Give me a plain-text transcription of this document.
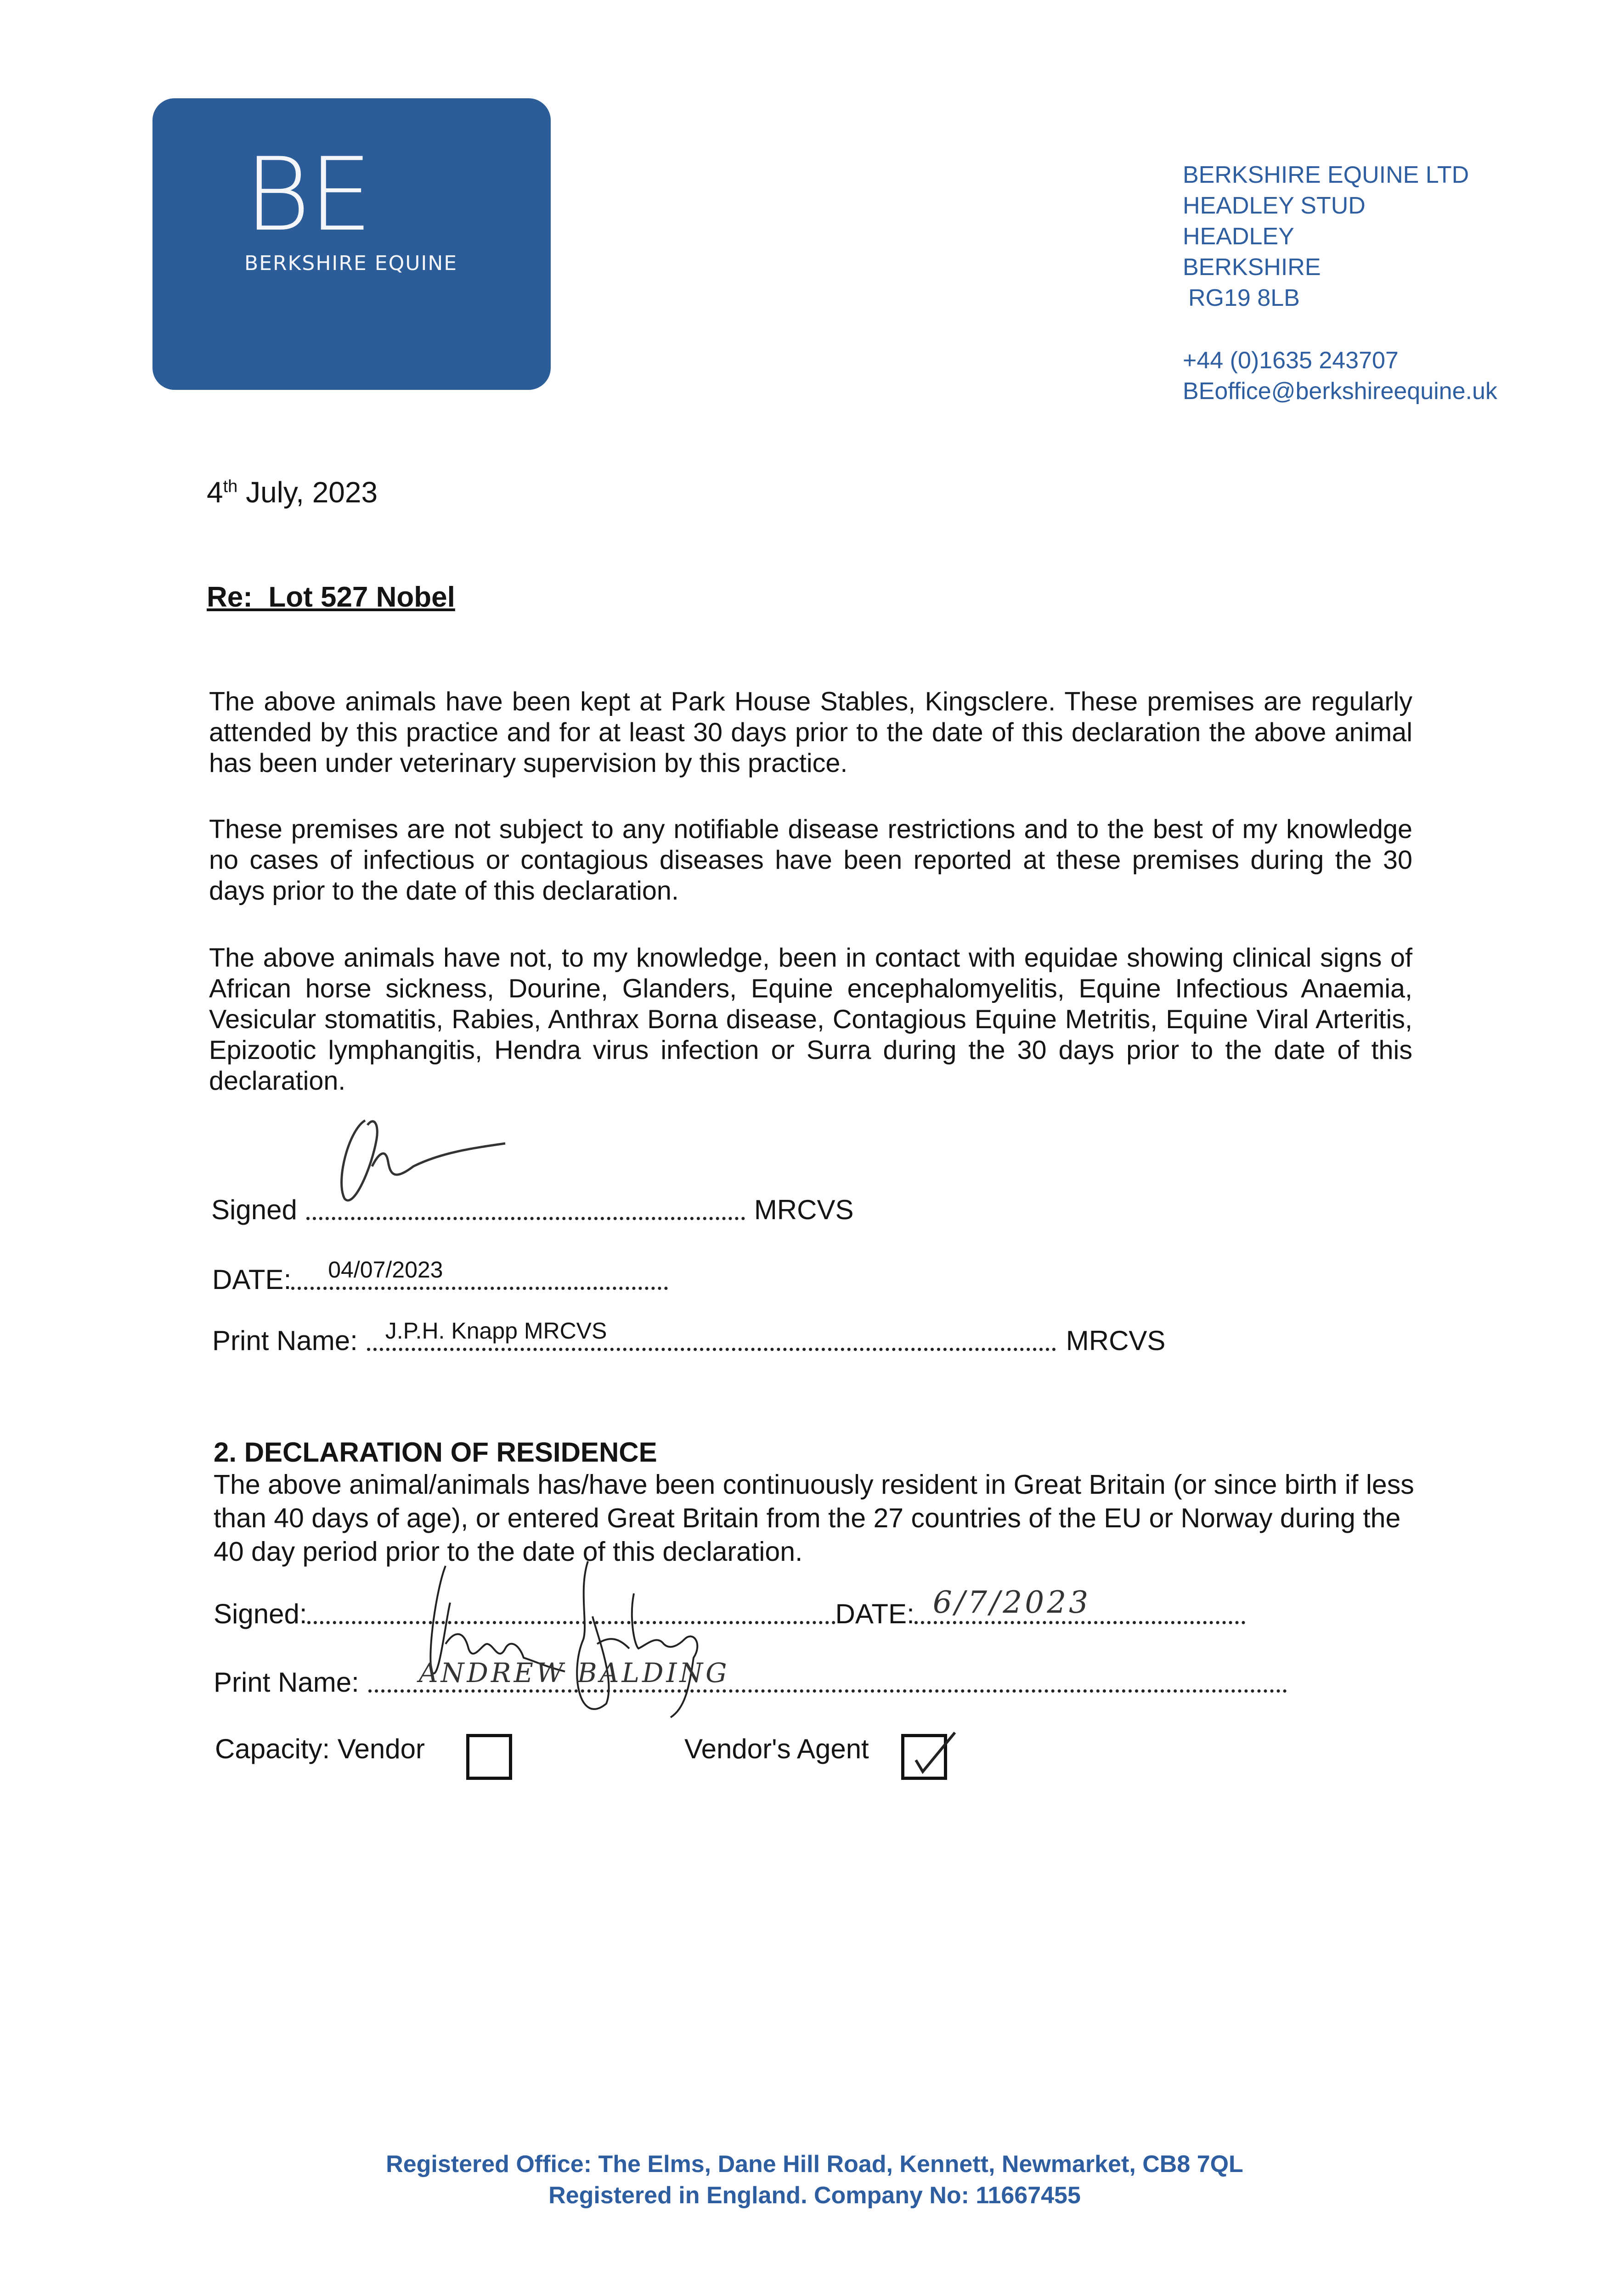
BE
BERKSHIRE EQUINE
BERKSHIRE EQUINE LTD
HEADLEY STUD
HEADLEY
BERKSHIRE
RG19 8LB
+44 (0)1635 243707
BEoffice@berkshireequine.uk
4th July, 2023
Re:  Lot 527 Nobel
The above animals have been kept at Park House Stables, Kingsclere. These premises are regularly attended by this practice and for at least 30 days prior to the date of this declaration the above animal has been under veterinary supervision by this practice.
These premises are not subject to any notifiable disease restrictions and to the best of my knowledge no cases of infectious or contagious diseases have been reported at these premises during the 30 days prior to the date of this declaration.
The above animals have not, to my knowledge, been in contact with equidae showing clinical signs of African horse sickness, Dourine, Glanders, Equine encephalomyelitis, Equine Infectious Anaemia, Vesicular stomatitis, Rabies, Anthrax Borna disease, Contagious Equine Metritis, Equine Viral Arteritis, Epizootic lymphangitis, Hendra virus infection or Surra during the 30 days prior to the date of this declaration.
Signed	MRCVS
DATE: 04/07/2023
Print Name: J.P.H. Knapp MRCVS	MRCVS
2. DECLARATION OF RESIDENCE
The above animal/animals has/have been continuously resident in Great Britain (or since birth if less than 40 days of age), or entered Great Britain from the 27 countries of the EU or Norway during the 40 day period prior to the date of this declaration.
Signed:	DATE: 6/7/2023
Print Name: ANDREW BALDING
Capacity: Vendor	Vendor's Agent
Registered Office: The Elms, Dane Hill Road, Kennett, Newmarket, CB8 7QL
Registered in England. Company No: 11667455
